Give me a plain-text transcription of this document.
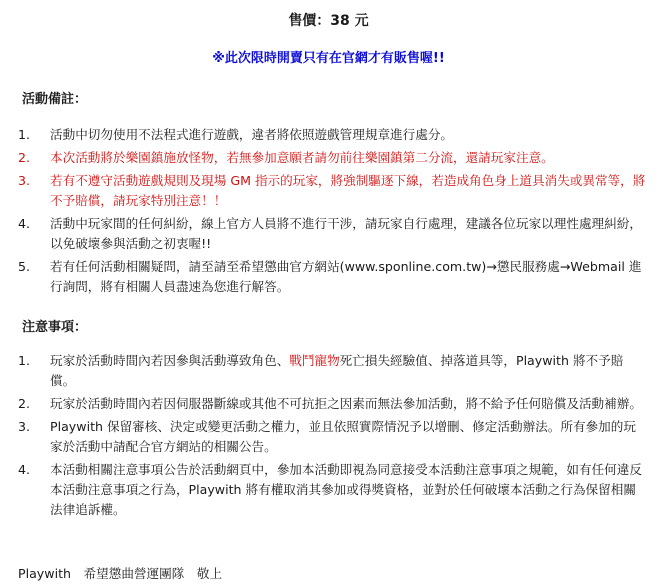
售價：38 元
※此次限時開賣只有在官網才有販售喔!!
活動備註：
1. 活動中切勿使用不法程式進行遊戲，違者將依照遊戲管理規章進行處分。
2. 本次活動將於樂園鎮施放怪物，若無參加意願者請勿前往樂園鎮第二分流，還請玩家注意。
3. 若有不遵守活動遊戲規則及現場 GM 指示的玩家，將強制驅逐下線，若造成角色身上道具消失或異常等，將不予賠償，請玩家特別注意！！
4. 活動中玩家間的任何糾紛，線上官方人員將不進行干涉，請玩家自行處理，建議各位玩家以理性處理糾紛，以免破壞參與活動之初衷喔!!
5. 若有任何活動相關疑問，請至請至希望懲曲官方網站(www.sponline.com.tw)→懲民服務處→Webmail 進行詢問，將有相關人員盡速為您進行解答。
注意事項：
1. 玩家於活動時間內若因參與活動導致角色、戰鬥寵物死亡損失經驗值、掉落道具等，Playwith 將不予賠償。
2. 玩家於活動時間內若因伺服器斷線或其他不可抗拒之因素而無法參加活動，將不給予任何賠償及活動補辦。
3. Playwith 保留審核、決定或變更活動之權力，並且依照實際情況予以增刪、修定活動辦法。所有參加的玩家於活動中請配合官方網站的相關公告。
4. 本活動相關注意事項公告於活動網頁中，參加本活動即視為同意接受本活動注意事項之規範，如有任何違反本活動注意事項之行為，Playwith 將有權取消其參加或得獎資格，並對於任何破壞本活動之行為保留相關法律追訴權。
Playwith　希望懲曲營運團隊　敬上
